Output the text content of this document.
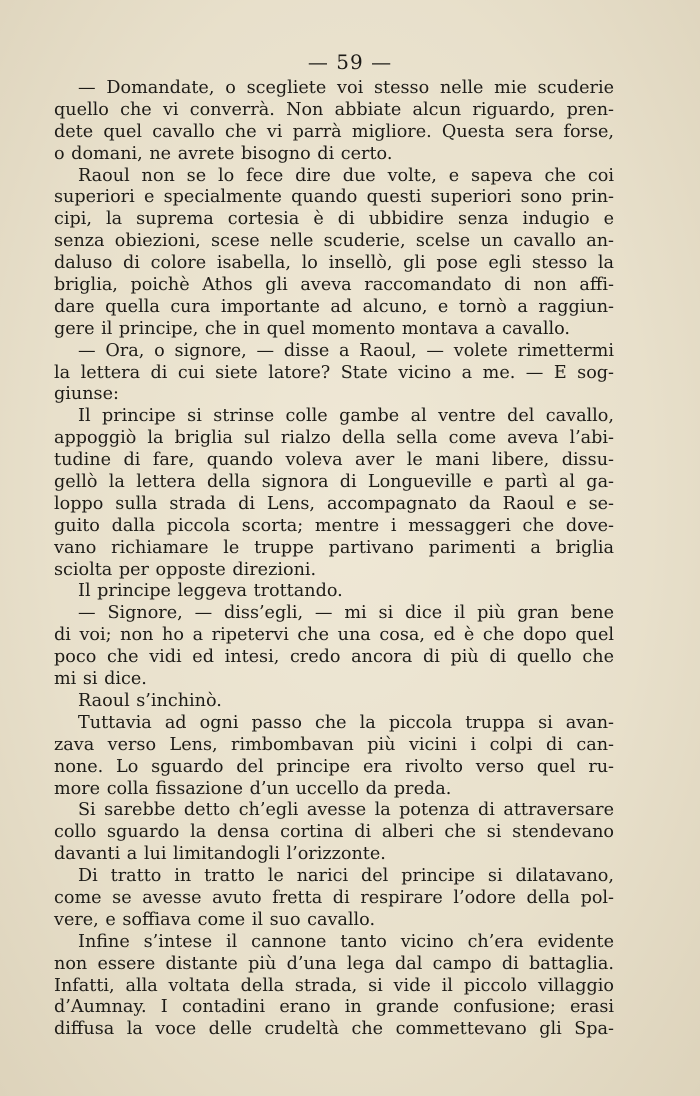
— 59 —
— Domandate, o scegliete voi stesso nelle mie scuderie
quello che vi converrà. Non abbiate alcun riguardo, pren-
dete quel cavallo che vi parrà migliore. Questa sera forse,
o domani, ne avrete bisogno di certo.
Raoul non se lo fece dire due volte, e sapeva che coi
superiori e specialmente quando questi superiori sono prin-
cipi, la suprema cortesia è di ubbidire senza indugio e
senza obiezioni, scese nelle scuderie, scelse un cavallo an-
daluso di colore isabella, lo insellò, gli pose egli stesso la
briglia, poichè Athos gli aveva raccomandato di non affi-
dare quella cura importante ad alcuno, e tornò a raggiun-
gere il principe, che in quel momento montava a cavallo.
— Ora, o signore, — disse a Raoul, — volete rimettermi
la lettera di cui siete latore? State vicino a me. — E sog-
giunse:
Il principe si strinse colle gambe al ventre del cavallo,
appoggiò la briglia sul rialzo della sella come aveva l’abi-
tudine di fare, quando voleva aver le mani libere, dissu-
gellò la lettera della signora di Longueville e partì al ga-
loppo sulla strada di Lens, accompagnato da Raoul e se-
guito dalla piccola scorta; mentre i messaggeri che dove-
vano richiamare le truppe partivano parimenti a briglia
sciolta per opposte direzioni.
Il principe leggeva trottando.
— Signore, — diss’egli, — mi si dice il più gran bene
di voi; non ho a ripetervi che una cosa, ed è che dopo quel
poco che vidi ed intesi, credo ancora di più di quello che
mi si dice.
Raoul s’inchinò.
Tuttavia ad ogni passo che la piccola truppa si avan-
zava verso Lens, rimbombavan più vicini i colpi di can-
none. Lo sguardo del principe era rivolto verso quel ru-
more colla fissazione d’un uccello da preda.
Si sarebbe detto ch’egli avesse la potenza di attraversare
collo sguardo la densa cortina di alberi che si stendevano
davanti a lui limitandogli l’orizzonte.
Di tratto in tratto le narici del principe si dilatavano,
come se avesse avuto fretta di respirare l’odore della pol-
vere, e soffiava come il suo cavallo.
Infine s’intese il cannone tanto vicino ch’era evidente
non essere distante più d’una lega dal campo di battaglia.
Infatti, alla voltata della strada, si vide il piccolo villaggio
d’Aumnay. I contadini erano in grande confusione; erasi
diffusa la voce delle crudeltà che commettevano gli Spa-
